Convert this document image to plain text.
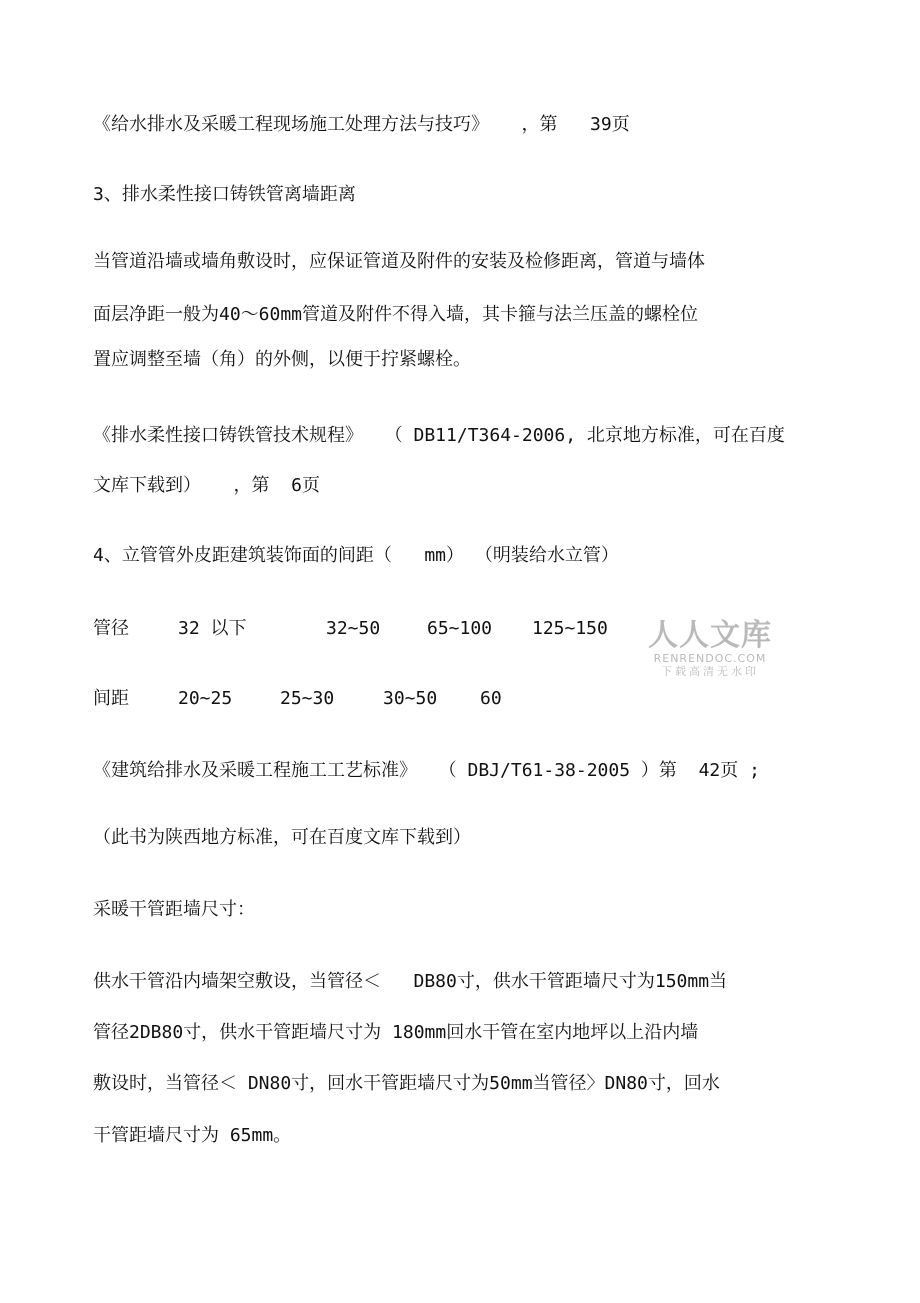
《给水排水及采暖工程现场施工处理方法与技巧》   ，第   39页
3、排水柔性接口铸铁管离墙距离
当管道沿墙或墙角敷设时，应保证管道及附件的安装及检修距离，管道与墙体
面层净距一般为40～60mm管道及附件不得入墙，其卡箍与法兰压盖的螺栓位
置应调整至墙（角）的外侧，以便于拧紧螺栓。
《排水柔性接口铸铁管技术规程》  （ DB11/T364-2006, 北京地方标准，可在百度
文库下载到）   ，第  6页
4、立管管外皮距建筑装饰面的间距（   mm） （明装给水立管）
管径	32 以下	32~50	65~100 125~150
间距	20~25	25~30	30~50 60
《建筑给排水及采暖工程施工工艺标准》  （ DBJ/T61-38-2005 ）第  42页 ;
（此书为陕西地方标准，可在百度文库下载到）
采暖干管距墙尺寸：
供水干管沿内墙架空敷设，当管径＜   DB80寸，供水干管距墙尺寸为150mm当
管径2DB80寸，供水干管距墙尺寸为 180mm回水干管在室内地坪以上沿内墙
敷设时，当管径＜ DN80寸，回水干管距墙尺寸为50mm当管径〉DN80寸，回水
干管距墙尺寸为 65mm。
人人文库
RENRENDOC.COM
下载高清无水印
